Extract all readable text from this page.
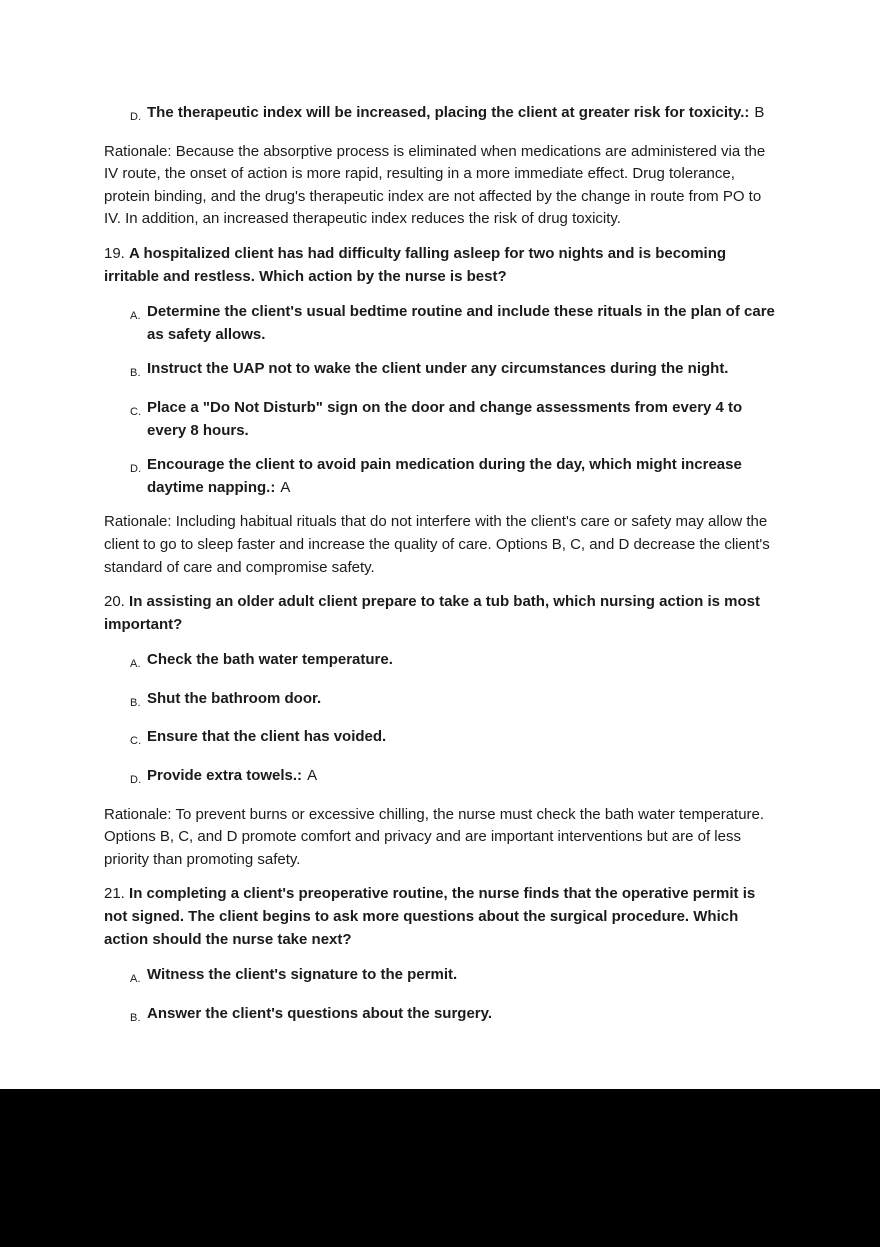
D. The therapeutic index will be increased, placing the client at greater risk for toxicity.: B

Rationale: Because the absorptive process is eliminated when medications are administered via the IV route, the onset of action is more rapid, resulting in a more immediate effect. Drug tolerance, protein binding, and the drug's therapeutic index are not affected by the change in route from PO to IV. In addition, an increased therapeutic index reduces the risk of drug toxicity.

19. A hospitalized client has had difficulty falling asleep for two nights and is becoming irritable and restless. Which action by the nurse is best?

A. Determine the client's usual bedtime routine and include these rituals in the plan of care as safety allows.
B. Instruct the UAP not to wake the client under any circumstances during the night.
C. Place a "Do Not Disturb" sign on the door and change assessments from every 4 to every 8 hours.
D. Encourage the client to avoid pain medication during the day, which might increase daytime napping.: A

Rationale: Including habitual rituals that do not interfere with the client's care or safety may allow the client to go to sleep faster and increase the quality of care. Options B, C, and D decrease the client's standard of care and compromise safety.

20. In assisting an older adult client prepare to take a tub bath, which nursing action is most important?

A. Check the bath water temperature.
B. Shut the bathroom door.
C. Ensure that the client has voided.
D. Provide extra towels.: A

Rationale: To prevent burns or excessive chilling, the nurse must check the bath water temperature. Options B, C, and D promote comfort and privacy and are important interventions but are of less priority than promoting safety.

21. In completing a client's preoperative routine, the nurse finds that the operative permit is not signed. The client begins to ask more questions about the surgical procedure. Which action should the nurse take next?

A. Witness the client's signature to the permit.
B. Answer the client's questions about the surgery.
